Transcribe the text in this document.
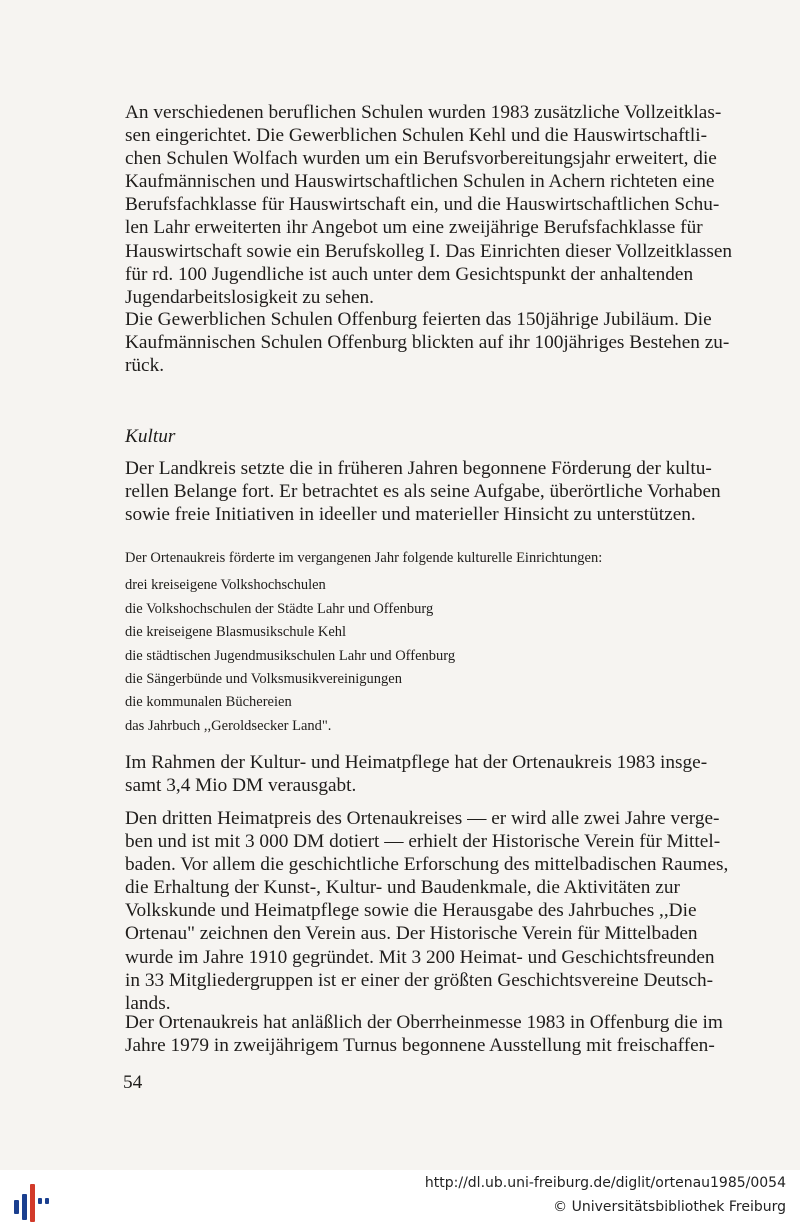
An verschiedenen beruflichen Schulen wurden 1983 zusätzliche Vollzeitklas-

sen eingerichtet. Die Gewerblichen Schulen Kehl und die Hauswirtschaftli-

chen Schulen Wolfach wurden um ein Berufsvorbereitungsjahr erweitert, die

Kaufmännischen und Hauswirtschaftlichen Schulen in Achern richteten eine

Berufsfachklasse für Hauswirtschaft ein, und die Hauswirtschaftlichen Schu-

len Lahr erweiterten ihr Angebot um eine zweijährige Berufsfachklasse für

Hauswirtschaft sowie ein Berufskolleg I. Das Einrichten dieser Vollzeitklassen

für rd. 100 Jugendliche ist auch unter dem Gesichtspunkt der anhaltenden

Jugendarbeitslosigkeit zu sehen.

Die Gewerblichen Schulen Offenburg feierten das 150jährige Jubiläum. Die

Kaufmännischen Schulen Offenburg blickten auf ihr 100jähriges Bestehen zu-

rück.

Kultur

Der Landkreis setzte die in früheren Jahren begonnene Förderung der kultu-

rellen Belange fort. Er betrachtet es als seine Aufgabe, überörtliche Vorhaben

sowie freie Initiativen in ideeller und materieller Hinsicht zu unterstützen.

Der Ortenaukreis förderte im vergangenen Jahr folgende kulturelle Einrichtungen:

drei kreiseigene Volkshochschulen

die Volkshochschulen der Städte Lahr und Offenburg

die kreiseigene Blasmusikschule Kehl

die städtischen Jugendmusikschulen Lahr und Offenburg

die Sängerbünde und Volksmusikvereinigungen

die kommunalen Büchereien

das Jahrbuch ,,Geroldsecker Land".

Im Rahmen der Kultur- und Heimatpflege hat der Ortenaukreis 1983 insge-

samt 3,4 Mio DM verausgabt.

Den dritten Heimatpreis des Ortenaukreises — er wird alle zwei Jahre verge-

ben und ist mit 3 000 DM dotiert — erhielt der Historische Verein für Mittel-

baden. Vor allem die geschichtliche Erforschung des mittelbadischen Raumes,

die Erhaltung der Kunst-, Kultur- und Baudenkmale, die Aktivitäten zur

Volkskunde und Heimatpflege sowie die Herausgabe des Jahrbuches ,,Die

Ortenau" zeichnen den Verein aus. Der Historische Verein für Mittelbaden

wurde im Jahre 1910 gegründet. Mit 3 200 Heimat- und Geschichtsfreunden

in 33 Mitgliedergruppen ist er einer der größten Geschichtsvereine Deutsch-

lands.

Der Ortenaukreis hat anläßlich der Oberrheinmesse 1983 in Offenburg die im

Jahre 1979 in zweijährigem Turnus begonnene Ausstellung mit freischaffen-

54

http://dl.ub.uni-freiburg.de/diglit/ortenau1985/0054

© Universitätsbibliothek Freiburg
